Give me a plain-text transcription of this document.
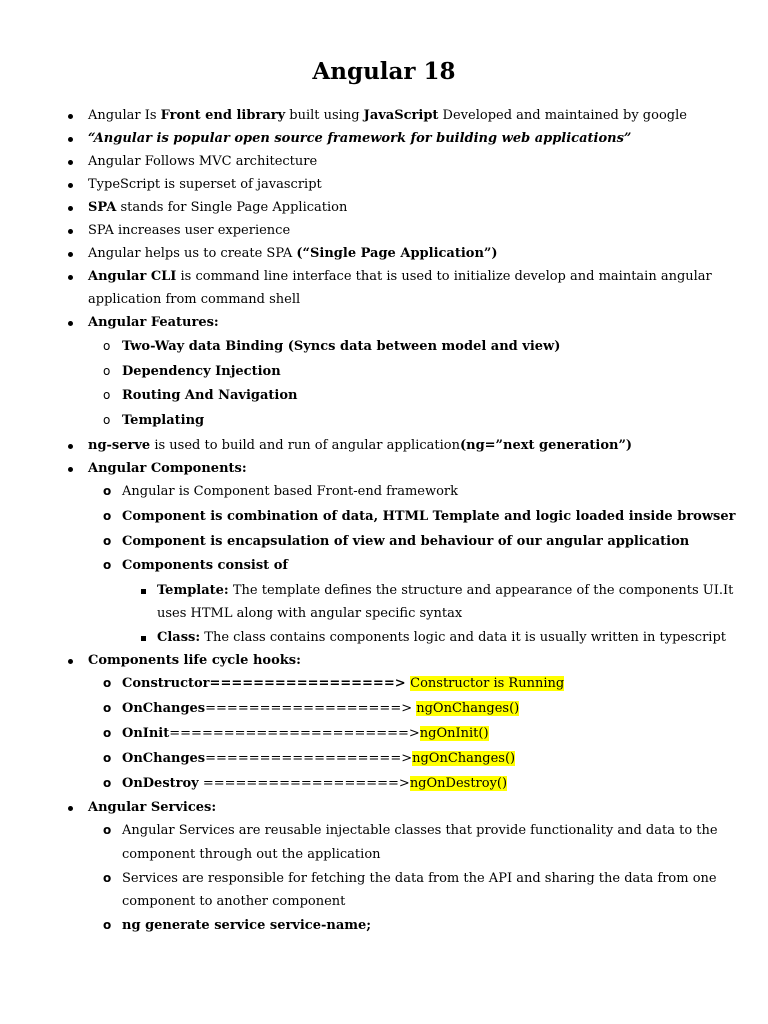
Angular 18
Angular Is Front end library built using JavaScript Developed and maintained by google
“Angular is popular open source framework for building web applications”
Angular Follows MVC architecture
TypeScript is superset of javascript
SPA stands for Single Page Application
SPA increases user experience
Angular helps us to create SPA (“Single Page Application”)
Angular CLI is command line interface that is used to initialize develop and maintain angular
application from command shell
Angular Features:
o Two-Way data Binding (Syncs data between model and view)
o Dependency Injection
o Routing And Navigation
o Templating
ng-serve is used to build and run of angular application(ng=”next generation”)
Angular Components:
o Angular is Component based Front-end framework
o Component is combination of data, HTML Template and logic loaded inside browser
o Component is encapsulation of view and behaviour of our angular application
o Components consist of
Template: The template defines the structure and appearance of the components UI.It
uses HTML along with angular specific syntax
Class: The class contains components logic and data it is usually written in typescript
Components life cycle hooks:
o Constructor=================> Constructor is Running
o OnChanges==================> ngOnChanges()
o OnInit======================>ngOnInit()
o OnChanges==================>ngOnChanges()
o OnDestroy ==================>ngOnDestroy()
Angular Services:
o Angular Services are reusable injectable classes that provide functionality and data to the
component through out the application
o Services are responsible for fetching the data from the API and sharing the data from one
component to another component
o ng generate service service-name;
